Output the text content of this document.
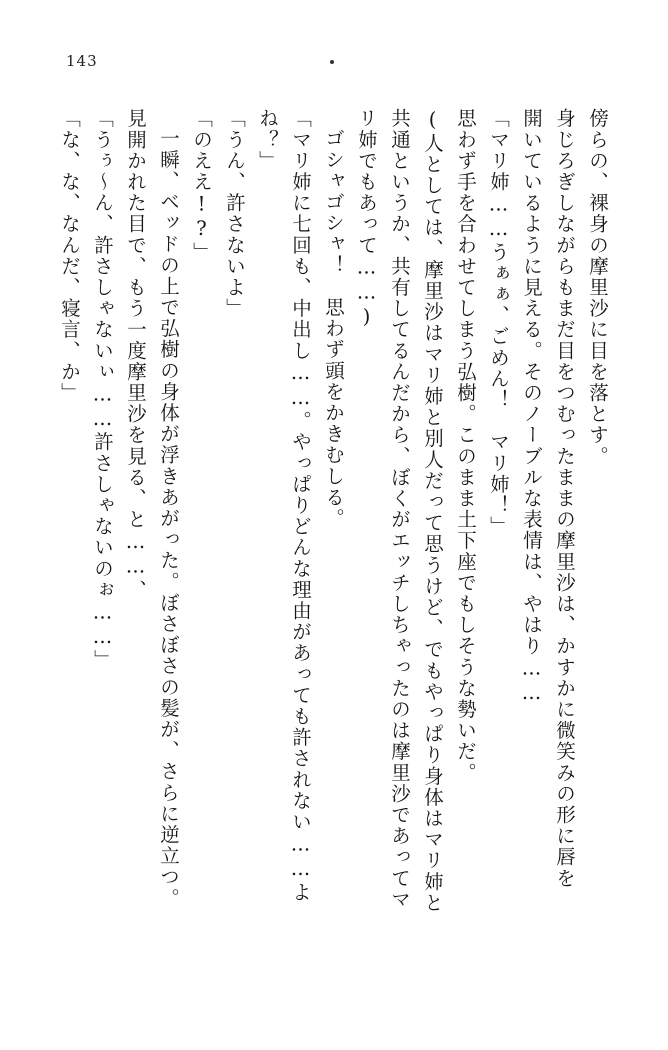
143
傍らの、裸身の摩里沙に目を落とす。
身じろぎしながらもまだ目をつむったままの摩里沙は、かすかに微笑みの形に唇を
開いているように見える。そのノーブルな表情は、やはり……
「マリ姉……うぁぁ、ごめん！　マリ姉！」
思わず手を合わせてしまう弘樹。このまま土下座でもしそうな勢いだ。
(人としては、摩里沙はマリ姉と別人だって思うけど、でもやっぱり身体はマリ姉と
共通というか、共有してるんだから、ぼくがエッチしちゃったのは摩里沙であってマ
リ姉でもあって……)
ゴシャゴシャ！　思わず頭をかきむしる。
「マリ姉に七回も、中出し……。やっぱりどんな理由があっても許されない……よ
ね？」
「うん、許さないよ」
「のええ!?」
一瞬、ベッドの上で弘樹の身体が浮きあがった。ぼさぼさの髪が、さらに逆立つ。
見開かれた目で、もう一度摩里沙を見る、と……、
「うぅ～ん、許さしゃないぃ……許さしゃないのぉ……」
「な、な、なんだ、寝言、か」
